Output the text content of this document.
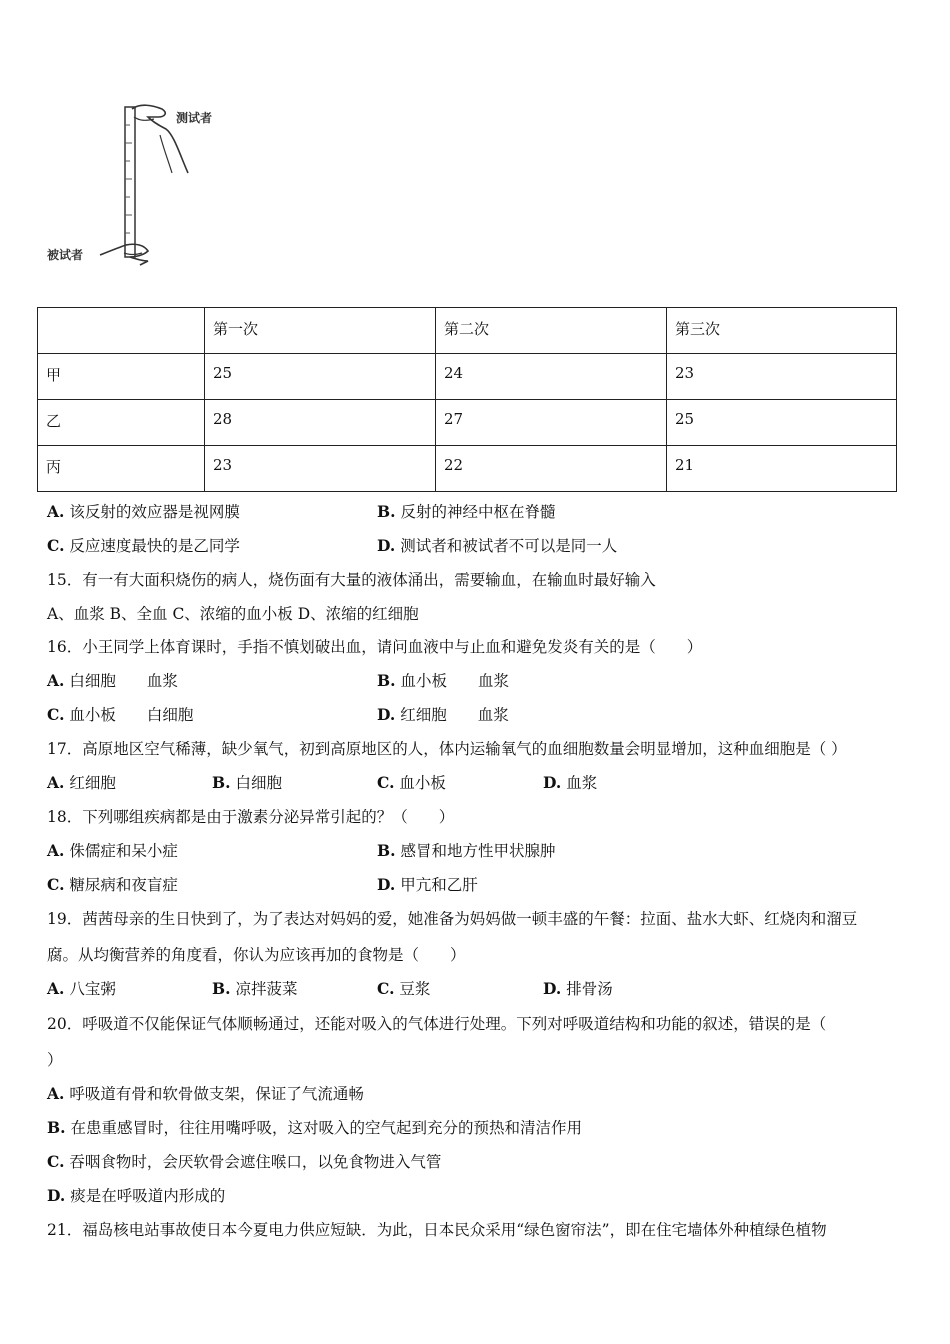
测试者
被试者
	第一次	第二次	第三次
甲	25	24	23
乙	28	27	25
丙	23	22	21
A. 该反射的效应器是视网膜	B. 反射的神经中枢在脊髓
C. 反应速度最快的是乙同学	D. 测试者和被试者不可以是同一人
15．有一有大面积烧伤的病人，烧伤面有大量的液体涌出，需要输血，在输血时最好输入
A、血浆 B、全血 C、浓缩的血小板 D、浓缩的红细胞
16．小王同学上体育课时，手指不慎划破出血，请问血液中与止血和避免发炎有关的是（　　）
A. 白细胞　　血浆	B. 血小板　　血浆
C. 血小板　　白细胞	D. 红细胞　　血浆
17．高原地区空气稀薄，缺少氧气，初到高原地区的人，体内运输氧气的血细胞数量会明显增加，这种血细胞是（ ）
A. 红细胞	B. 白细胞	C. 血小板	D. 血浆
18．下列哪组疾病都是由于激素分泌异常引起的？（　　）
A. 侏儒症和呆小症	B. 感冒和地方性甲状腺肿
C. 糖尿病和夜盲症	D. 甲亢和乙肝
19．茜茜母亲的生日快到了，为了表达对妈妈的爱，她准备为妈妈做一顿丰盛的午餐：拉面、盐水大虾、红烧肉和溜豆
腐。从均衡营养的角度看，你认为应该再加的食物是（　　）
A. 八宝粥	B. 凉拌菠菜	C. 豆浆	D. 排骨汤
20．呼吸道不仅能保证气体顺畅通过，还能对吸入的气体进行处理。下列对呼吸道结构和功能的叙述，错误的是（
）
A. 呼吸道有骨和软骨做支架，保证了气流通畅
B. 在患重感冒时，往往用嘴呼吸，这对吸入的空气起到充分的预热和清洁作用
C. 吞咽食物时，会厌软骨会遮住喉口，以免食物进入气管
D. 痰是在呼吸道内形成的
21．福岛核电站事故使日本今夏电力供应短缺．为此，日本民众采用“绿色窗帘法”，即在住宅墙体外种植绿色植物
